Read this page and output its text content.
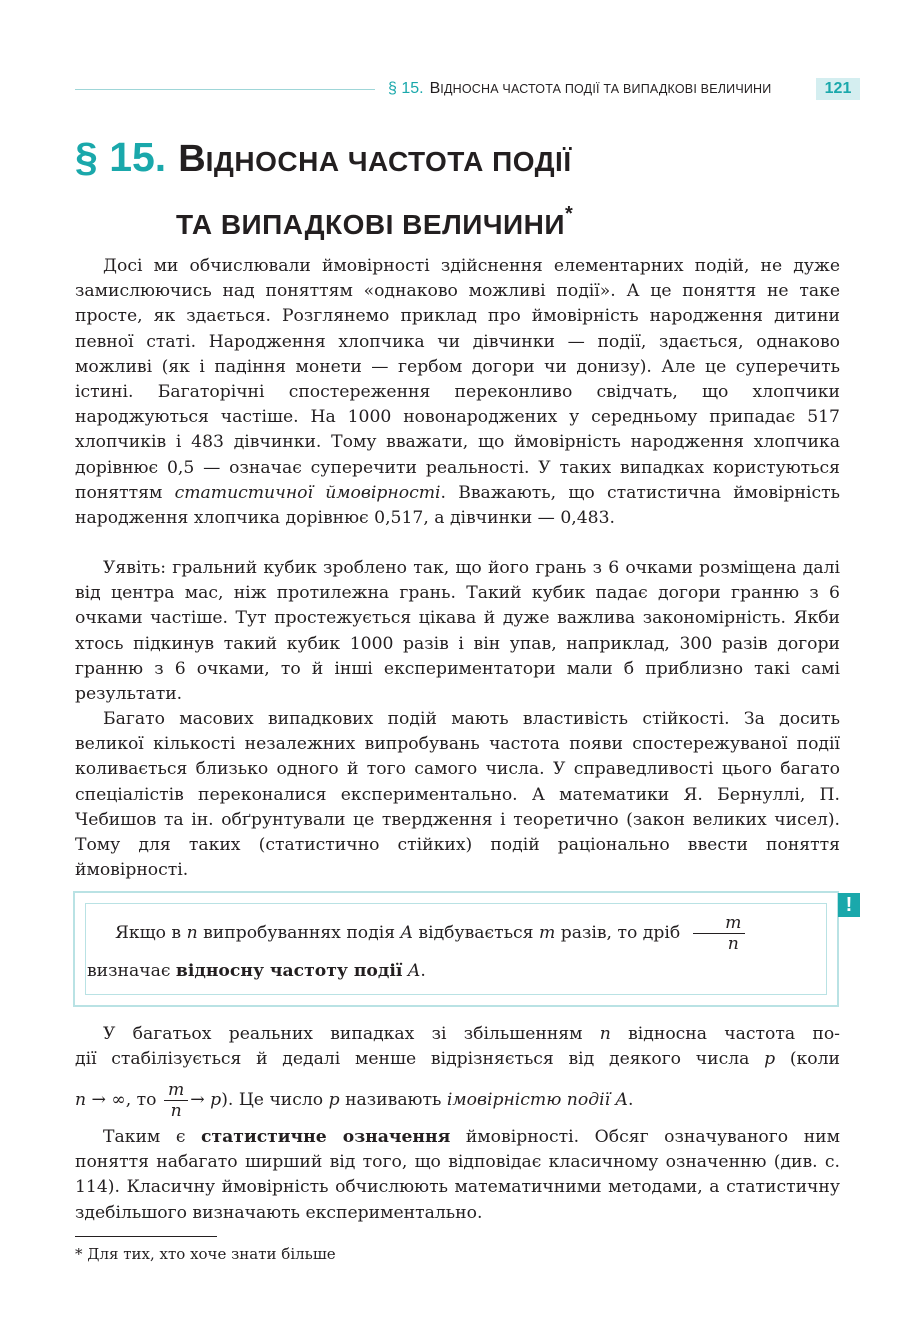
§ 15. ВІДНОСНА ЧАСТОТА ПОДІЇ ТА ВИПАДКОВІ ВЕЛИЧИНИ	121
§ 15. ВІДНОСНА ЧАСТОТА ПОДІЇ
ТА ВИПАДКОВІ ВЕЛИЧИНИ*

Досі ми обчислювали ймовірності здійснення елементарних подій, не дуже замислюючись над поняттям «однаково можливі події». А це поняття не таке просте, як здається. Розглянемо приклад про ймовірність народження дитини певної статі. Народження хлопчика чи дівчинки — події, здається, однаково можливі (як і падіння монети — гербом догори чи донизу). Але це суперечить істині. Багаторічні спостереження переконливо свідчать, що хлопчики народжуються частіше. На 1000 новонароджених у середньому припадає 517 хлопчиків і 483 дівчинки. Тому вважати, що ймовірність народження хлопчика дорівнює 0,5 — означає суперечити реальності. У таких випадках користуються поняттям статистичної ймовірності. Вважають, що статистична ймовірність народження хлопчика дорівнює 0,517, а дівчинки — 0,483.

Уявіть: гральний кубик зроблено так, що його грань з 6 очками розміщена далі від центра мас, ніж протилежна грань. Такий кубик падає догори гранню з 6 очками частіше. Тут простежується цікава й дуже важлива закономірність. Якби хтось підкинув такий кубик 1000 разів і він упав, наприклад, 300 разів догори гранню з 6 очками, то й інші експериментатори мали б приблизно такі самі результати.

Багато масових випадкових подій мають властивість стійкості. За досить великої кількості незалежних випробувань частота появи спостережуваної події коливається близько одного й того самого числа. У справедливості цього багато спеціалістів переконалися експериментально. А математики Я. Бернуллі, П. Чебишов та ін. обґрунтували це твердження і теоретично (закон великих чисел). Тому для таких (статистично стійких) подій раціонально ввести поняття ймовірності.

Якщо в n випробуваннях подія A відбувається m разів, то дріб $\frac{m}{n}$
визначає відносну частоту події A.
!
У багатьох реальних випадках зі збільшенням n відносна частота по-
дії стабілізується й дедалі менше відрізняється від деякого числа p (коли
n → ∞, то $\frac{m}{n} \to p$). Це число p називають імовірністю події A.

Таким є статистичне означення ймовірності. Обсяг означуваного ним поняття набагато ширший від того, що відповідає класичному означенню (див. с. 114). Класичну ймовірність обчислюють математичними методами, а статистичну здебільшого визначають експериментально.

* Для тих, хто хоче знати більше
